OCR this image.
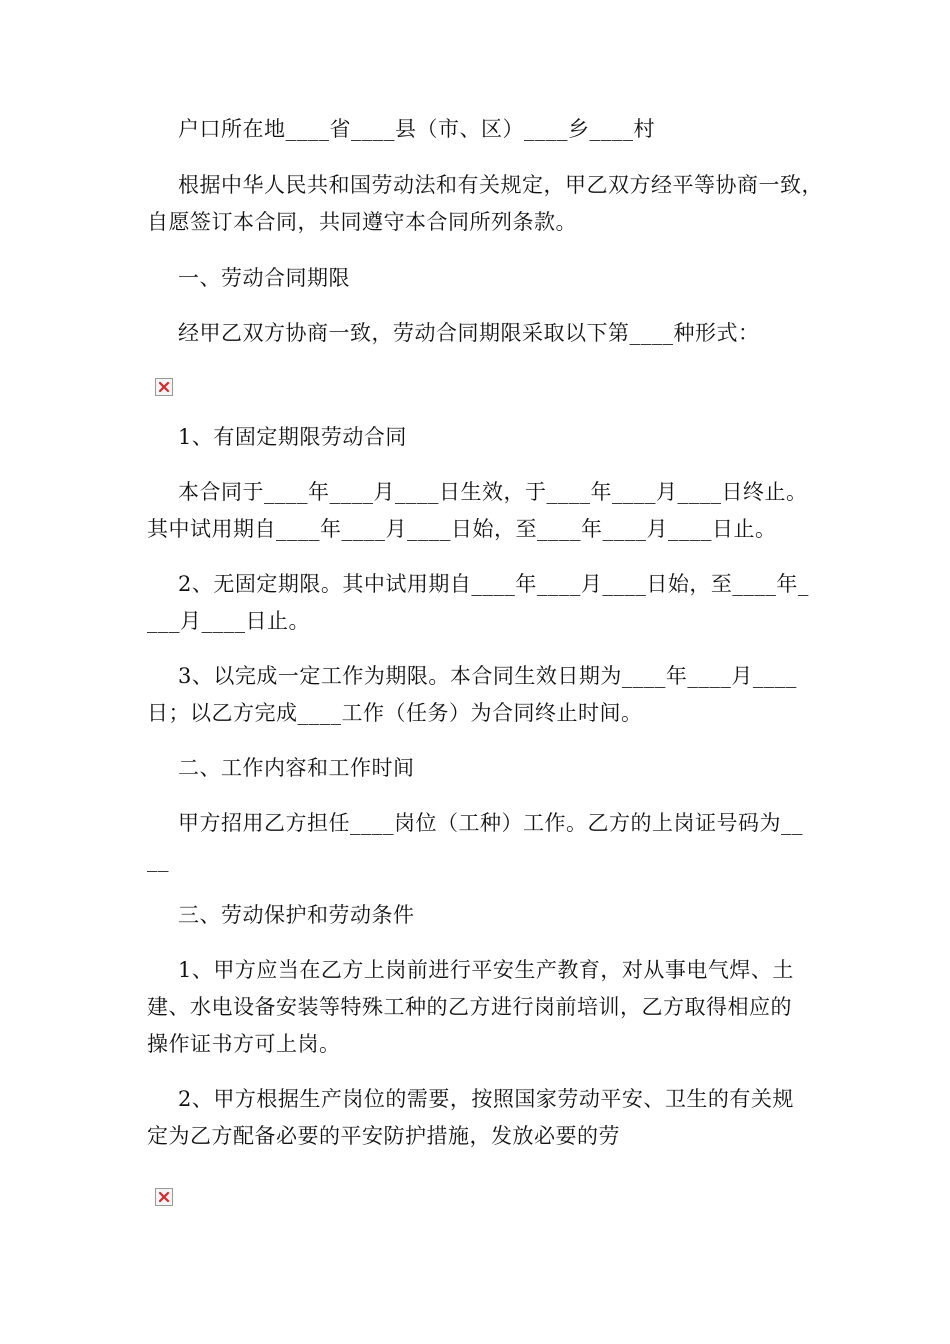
户口所在地____省____县（市、区）____乡____村
根据中华人民共和国劳动法和有关规定，甲乙双方经平等协商一致，
自愿签订本合同，共同遵守本合同所列条款。
一、劳动合同期限
经甲乙双方协商一致，劳动合同期限采取以下第____种形式：
1、有固定期限劳动合同
本合同于____年____月____日生效，于____年____月____日终止。
其中试用期自____年____月____日始，至____年____月____日止。
2、无固定期限。其中试用期自____年____月____日始，至____年_
___月____日止。
3、以完成一定工作为期限。本合同生效日期为____年____月____
日；以乙方完成____工作（任务）为合同终止时间。
二、工作内容和工作时间
甲方招用乙方担任____岗位（工种）工作。乙方的上岗证号码为__
__
三、劳动保护和劳动条件
1、甲方应当在乙方上岗前进行平安生产教育，对从事电气焊、土
建、水电设备安装等特殊工种的乙方进行岗前培训，乙方取得相应的
操作证书方可上岗。
2、甲方根据生产岗位的需要，按照国家劳动平安、卫生的有关规
定为乙方配备必要的平安防护措施，发放必要的劳
